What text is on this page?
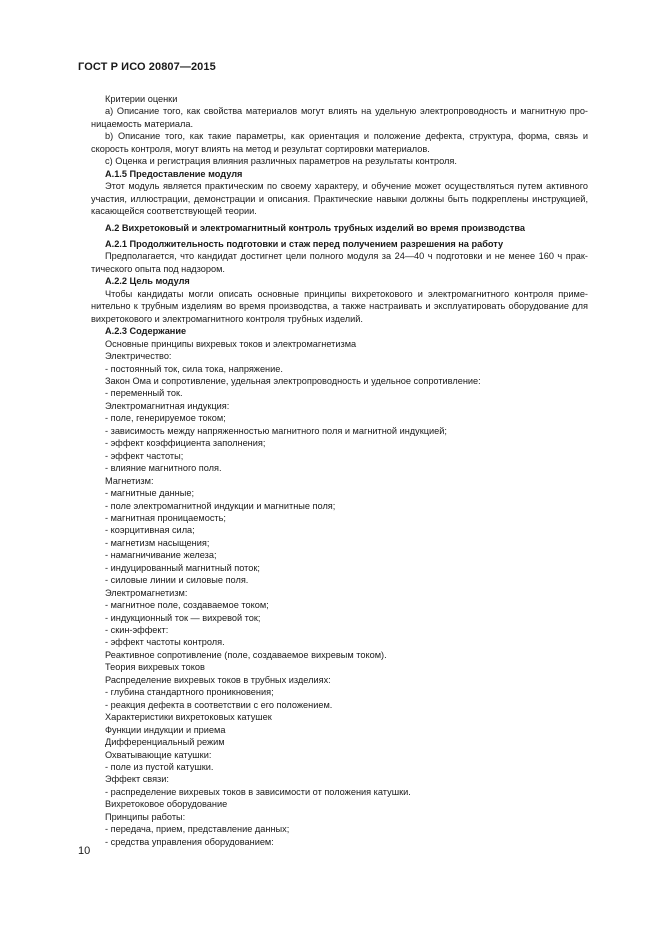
ГОСТ Р ИСО 20807—2015
Критерии оценки
а) Описание того, как свойства материалов могут влиять на удельную электропроводность и магнитную про-
ницаемость материала.
b) Описание того, как такие параметры, как ориентация и положение дефекта, структура, форма, связь и
скорость контроля, могут влиять на метод и результат сортировки материалов.
с) Оценка и регистрация влияния различных параметров на результаты контроля.
А.1.5 Предоставление модуля
Этот модуль является практическим по своему характеру, и обучение может осуществляться путем активного
участия, иллюстрации, демонстрации и описания. Практические навыки должны быть подкреплены инструкцией,
касающейся соответствующей теории.
А.2 Вихретоковый и электромагнитный контроль трубных изделий во время производства
А.2.1 Продолжительность подготовки и стаж перед получением разрешения на работу
Предполагается, что кандидат достигнет цели полного модуля за 24—40 ч подготовки и не менее 160 ч прак-
тического опыта под надзором.
А.2.2 Цель модуля
Чтобы кандидаты могли описать основные принципы вихретокового и электромагнитного контроля приме-
нительно к трубным изделиям во время производства, а также настраивать и эксплуатировать оборудование для
вихретокового и электромагнитного контроля трубных изделий.
А.2.3 Содержание
Основные принципы вихревых токов и электромагнетизма
Электричество:
- постоянный ток, сила тока, напряжение.
Закон Ома и сопротивление, удельная электропроводность и удельное сопротивление:
- переменный ток.
Электромагнитная индукция:
- поле, генерируемое током;
- зависимость между напряженностью магнитного поля и магнитной индукцией;
- эффект коэффициента заполнения;
- эффект частоты;
- влияние магнитного поля.
Магнетизм:
- магнитные данные;
- поле электромагнитной индукции и магнитные поля;
- магнитная проницаемость;
- коэрцитивная сила;
- магнетизм насыщения;
- намагничивание железа;
- индуцированный магнитный поток;
- силовые линии и силовые поля.
Электромагнетизм:
- магнитное поле, создаваемое током;
- индукционный ток — вихревой ток;
- скин-эффект:
- эффект частоты контроля.
Реактивное сопротивление (поле, создаваемое вихревым током).
Теория вихревых токов
Распределение вихревых токов в трубных изделиях:
- глубина стандартного проникновения;
- реакция дефекта в соответствии с его положением.
Характеристики вихретоковых катушек
Функции индукции и приема
Дифференциальный режим
Охватывающие катушки:
- поле из пустой катушки.
Эффект связи:
- распределение вихревых токов в зависимости от положения катушки.
Вихретоковое оборудование
Принципы работы:
- передача, прием, представление данных;
- средства управления оборудованием:
10
